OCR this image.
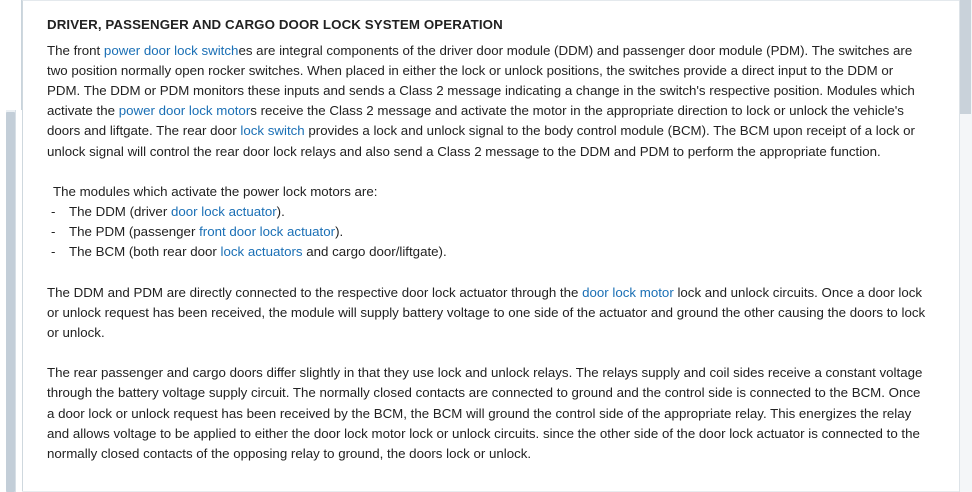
DRIVER, PASSENGER AND CARGO DOOR LOCK SYSTEM OPERATION

The front power door lock switches are integral components of the driver door module (DDM) and passenger door module (PDM). The switches are two position normally open rocker switches. When placed in either the lock or unlock positions, the switches provide a direct input to the DDM or PDM. The DDM or PDM monitors these inputs and sends a Class 2 message indicating a change in the switch's respective position. Modules which activate the power door lock motors receive the Class 2 message and activate the motor in the appropriate direction to lock or unlock the vehicle's doors and liftgate. The rear door lock switch provides a lock and unlock signal to the body control module (BCM). The BCM upon receipt of a lock or unlock signal will control the rear door lock relays and also send a Class 2 message to the DDM and PDM to perform the appropriate function.

The modules which activate the power lock motors are:

- The DDM (driver door lock actuator).
- The PDM (passenger front door lock actuator).
- The BCM (both rear door lock actuators and cargo door/liftgate).

The DDM and PDM are directly connected to the respective door lock actuator through the door lock motor lock and unlock circuits. Once a door lock or unlock request has been received, the module will supply battery voltage to one side of the actuator and ground the other causing the doors to lock or unlock.

The rear passenger and cargo doors differ slightly in that they use lock and unlock relays. The relays supply and coil sides receive a constant voltage through the battery voltage supply circuit. The normally closed contacts are connected to ground and the control side is connected to the BCM. Once a door lock or unlock request has been received by the BCM, the BCM will ground the control side of the appropriate relay. This energizes the relay and allows voltage to be applied to either the door lock motor lock or unlock circuits. since the other side of the door lock actuator is connected to the normally closed contacts of the opposing relay to ground, the doors lock or unlock.
